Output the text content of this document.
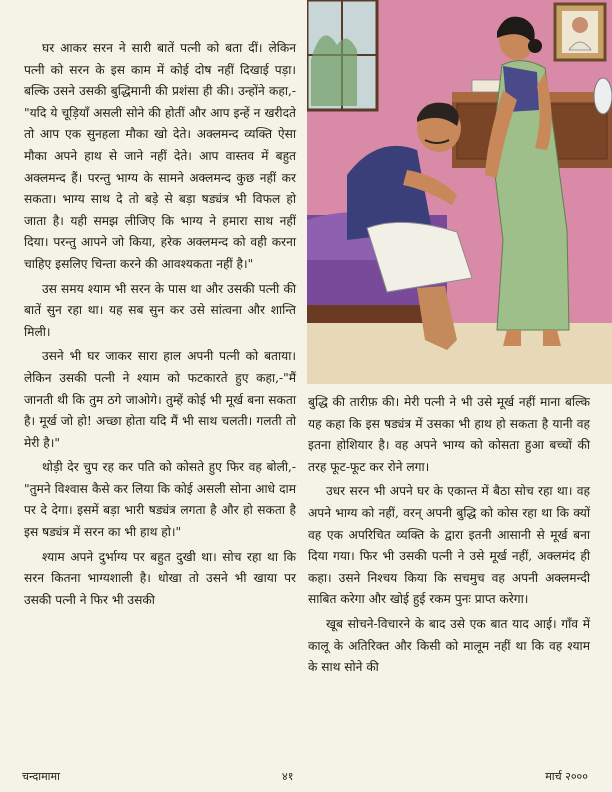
घर आकर सरन ने सारी बातें पत्नी को बता दीं। लेकिन पत्नी को सरन के इस काम में कोई दोष नहीं दिखाई पड़ा। बल्कि उसने उसकी बुद्धिमानी की प्रशंसा ही की। उन्होंने कहा,-"यदि ये चूड़ियाँ असली सोने की होतीं और आप इन्हें न खरीदते तो आप एक सुनहला मौका खो देते। अक्लमन्द व्यक्ति ऐसा मौका अपने हाथ से जाने नहीं देते। आप वास्तव में बहुत अक्लमन्द हैं। परन्तु भाग्य के सामने अक्लमन्द कुछ नहीं कर सकता। भाग्य साथ दे तो बड़े से बड़ा षड्यंत्र भी विफल हो जाता है। यही समझ लीजिए कि भाग्य ने हमारा साथ नहीं दिया। परन्तु आपने जो किया, हरेक अक्लमन्द को वही करना चाहिए इसलिए चिन्ता करने की आवश्यकता नहीं है।"

उस समय श्याम भी सरन के पास था और उसकी पत्नी की बातें सुन रहा था। यह सब सुन कर उसे सांत्वना और शान्ति मिली।

उसने भी घर जाकर सारा हाल अपनी पत्नी को बताया। लेकिन उसकी पत्नी ने श्याम को फटकारते हुए कहा,-"मैं जानती थी कि तुम ठगे जाओगे। तुम्हें कोई भी मूर्ख बना सकता है। मूर्ख जो हो! अच्छा होता यदि मैं भी साथ चलती। गलती तो मेरी है।"

थोड़ी देर चुप रह कर पति को कोसते हुए फिर वह बोली,-"तुमने विश्वास कैसे कर लिया कि कोई असली सोना आधे दाम पर दे देगा। इसमें बड़ा भारी षड्यंत्र लगता है और हो सकता है इस षड्यंत्र में सरन का भी हाथ हो।"

श्याम अपने दुर्भाग्य पर बहुत दुखी था। सोच रहा था कि सरन कितना भाग्यशाली है। धोखा तो उसने भी खाया पर उसकी पत्नी ने फिर भी उसकी

बुद्धि की तारीफ़ की। मेरी पत्नी ने भी उसे मूर्ख नहीं माना बल्कि यह कहा कि इस षड्यंत्र में उसका भी हाथ हो सकता है यानी वह इतना होशियार है। वह अपने भाग्य को कोसता हुआ बच्चों की तरह फूट-फूट कर रोने लगा।

उधर सरन भी अपने घर के एकान्त में बैठा सोच रहा था। वह अपने भाग्य को नहीं, वरन् अपनी बुद्धि को कोस रहा था कि क्यों वह एक अपरिचित व्यक्ति के द्वारा इतनी आसानी से मूर्ख बना दिया गया। फिर भी उसकी पत्नी ने उसे मूर्ख नहीं, अक्लमंद ही कहा। उसने निश्चय किया कि सचमुच वह अपनी अक्लमन्दी साबित करेगा और खोई हुई रकम पुनः प्राप्त करेगा।

खूब सोचने-विचारने के बाद उसे एक बात याद आई। गाँव में कालू के अतिरिक्त और किसी को मालूम नहीं था कि वह श्याम के साथ सोने की

चन्दामामा	४१	मार्च २०००
